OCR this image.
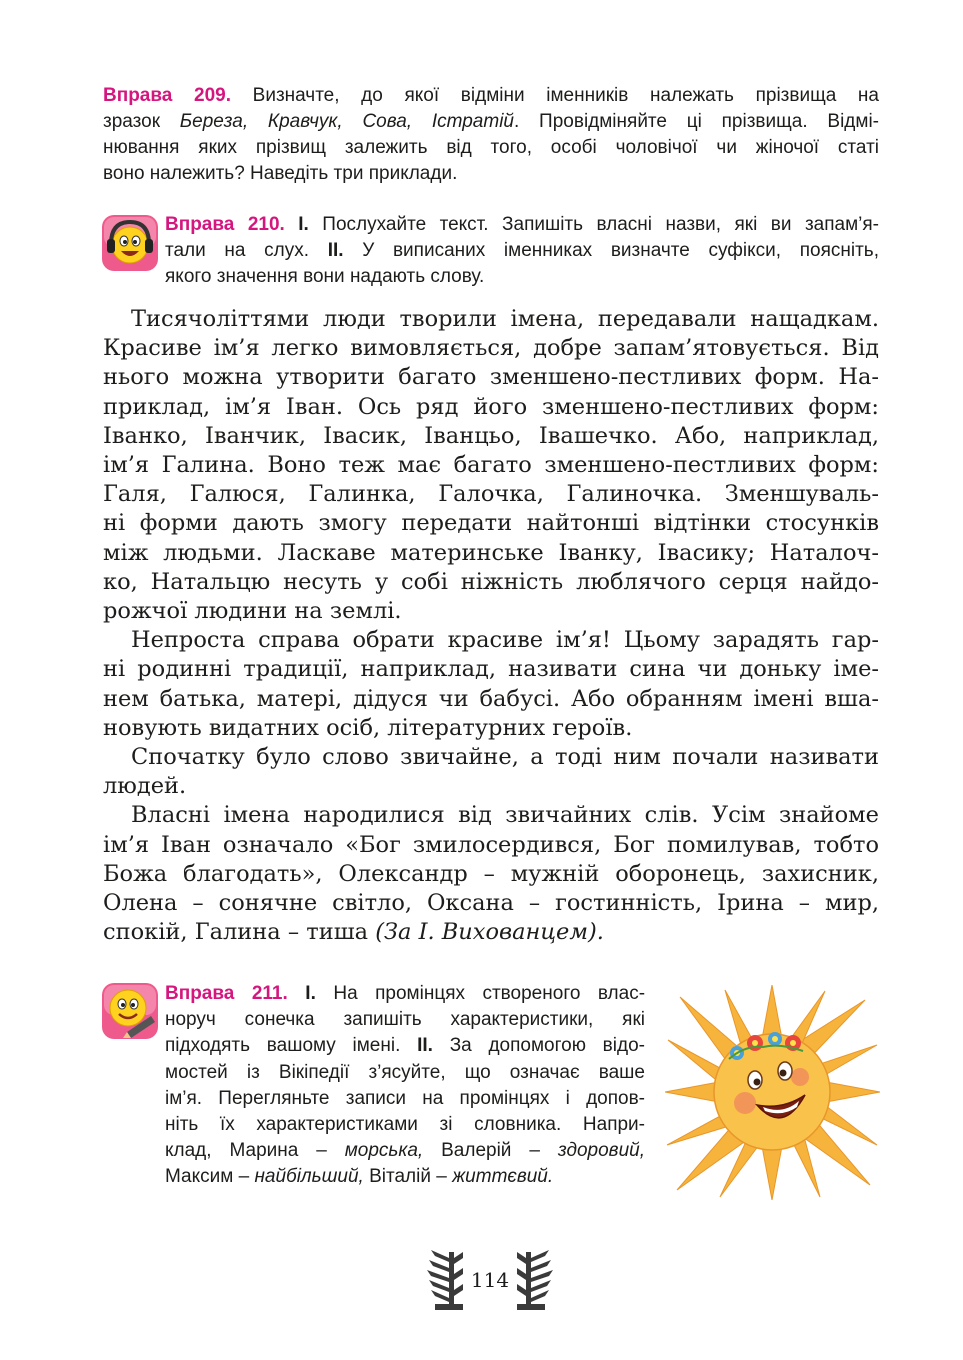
Вправа 209. Визначте, до якої відміни іменників належать прізвища на
зразок Береза, Кравчук, Сова, Істратій. Провідміняйте ці прізвища. Відмі-
нювання яких прізвищ залежить від того, особі чоловічої чи жіночої статі
воно належить? Наведіть три приклади.
Вправа 210. І. Послухайте текст. Запишіть власні назви, які ви запам’я-
тали на слух. ІІ. У виписаних іменниках визначте суфікси, поясніть,
якого значення вони надають слову.

Тисячоліттями люди творили імена, передавали нащадкам.
Красиве ім’я легко вимовляється, добре запам’ятовується. Від
нього можна утворити багато зменшено-пестливих форм. На-
приклад, ім’я Іван. Ось ряд його зменшено-пестливих форм:
Іванко, Іванчик, Івасик, Іванцьо, Івашечко. Або, наприклад,
ім’я Галина. Воно теж має багато зменшено-пестливих форм:
Галя, Галюся, Галинка, Галочка, Галиночка. Зменшуваль-
ні форми дають змогу передати найтонші відтінки стосунків
між людьми. Ласкаве материнське Іванку, Івасику; Наталоч-
ко, Натальцю несуть у собі ніжність люблячого серця найдо-
рожчої людини на землі.

Непроста справа обрати красиве ім’я! Цьому зарадять гар-
ні родинні традиції, наприклад, називати сина чи доньку іме-
нем батька, матері, дідуся чи бабусі. Або обранням імені вша-
новують видатних осіб, літературних героїв.

Спочатку було слово звичайне, а тоді ним почали називати
людей.

Власні імена народилися від звичайних слів. Усім знайоме
ім’я Іван означало «Бог змилосердився, Бог помилував, тобто
Божа благодать», Олександр – мужній оборонець, захисник,
Олена – сонячне світло, Оксана – гостинність, Ірина – мир,
спокій, Галина – тиша (За І. Вихованцем).

Вправа 211. І. На промінцях створеного влас-
норуч сонечка запишіть характеристики, які
підходять вашому імені. ІІ. За допомогою відо-
мостей із Вікіпедії з’ясуйте, що означає ваше
ім’я. Перегляньте записи на промінцях і допов-
ніть їх характеристиками зі словника. Напри-
клад, Марина – морська, Валерій – здоровий,
Максим – найбільший, Віталій – життєвий.
114
